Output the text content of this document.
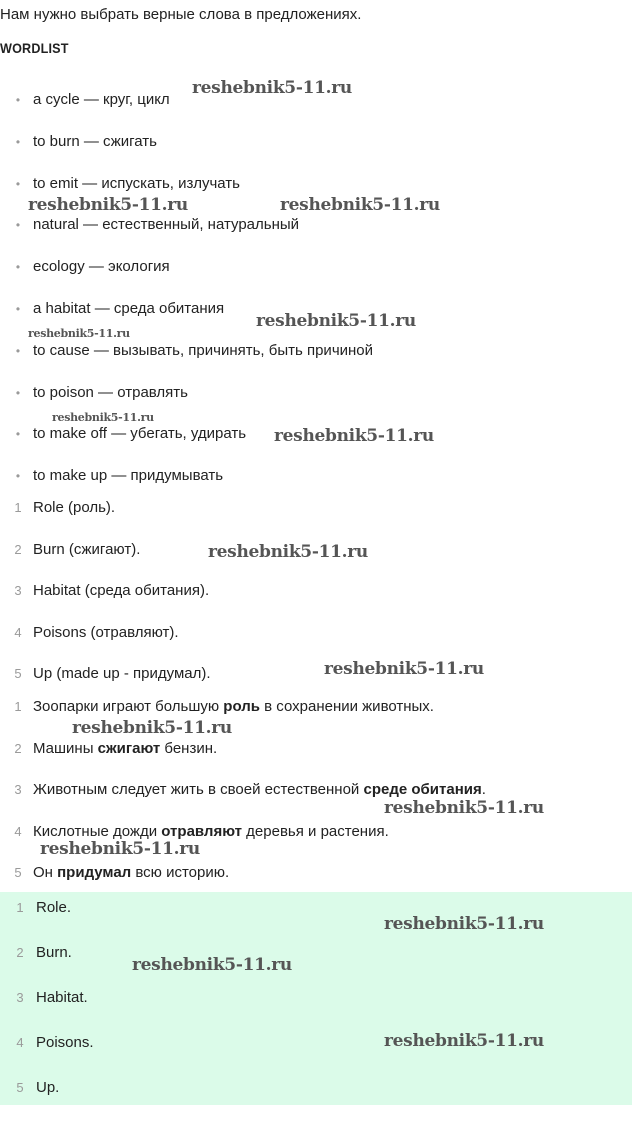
Нам нужно выбрать верные слова в предложениях.
WORDLIST
• a cycle — круг, цикл
• to burn — сжигать
• to emit — испускать, излучать
• natural — естественный, натуральный
• ecology — экология
• a habitat — среда обитания
• to cause — вызывать, причинять, быть причиной
• to poison — отравлять
• to make off — убегать, удирать
• to make up — придумывать
1 Role (роль).
2 Burn (сжигают).
3 Habitat (среда обитания).
4 Poisons (отравляют).
5 Up (made up - придумал).
1 Зоопарки играют большую роль в сохранении животных.
2 Машины сжигают бензин.
3 Животным следует жить в своей естественной среде обитания.
4 Кислотные дожди отравляют деревья и растения.
5 Он придумал всю историю.
1 Role.
2 Burn.
3 Habitat.
4 Poisons.
5 Up.
reshebnik5-11.ru
reshebnik5-11.ru	reshebnik5-11.ru
reshebnik5-11.ru
reshebnik5-11.ru
reshebnik5-11.ru
reshebnik5-11.ru
reshebnik5-11.ru
reshebnik5-11.ru
reshebnik5-11.ru
reshebnik5-11.ru
reshebnik5-11.ru
reshebnik5-11.ru
reshebnik5-11.ru
reshebnik5-11.ru
